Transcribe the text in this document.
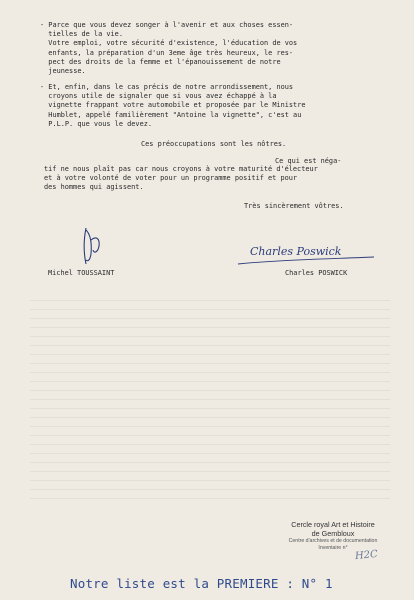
- Parce que vous devez songer à l'avenir et aux choses essen-
tielles de la vie.
Votre emploi, votre sécurité d'existence, l'éducation de vos
enfants, la préparation d'un 3eme âge très heureux, le res-
pect des droits de la femme et l'épanouissement de notre
jeunesse.
- Et, enfin, dans le cas précis de notre arrondissement, nous
croyons utile de signaler que si vous avez échappé à la
vignette frappant votre automobile et proposée par le Ministre
Humblet, appelé familièrement "Antoine la vignette", c'est au
P.L.P. que vous le devez.
Ces préoccupations sont les nôtres.
Ce qui est néga-
tif ne nous plaît pas car nous croyons à votre maturité d'électeur
et à votre volonté de voter pour un programme positif et pour
des hommes qui agissent.
Très sincèrement vôtres.
Charles Poswick
Michel TOUSSAINT	Charles POSWICK
Cercle royal Art et Histoire
de Gembloux
Centre d'archives et de documentation
Inventaire n°
H2C
Notre liste est la PREMIERE : N° 1
